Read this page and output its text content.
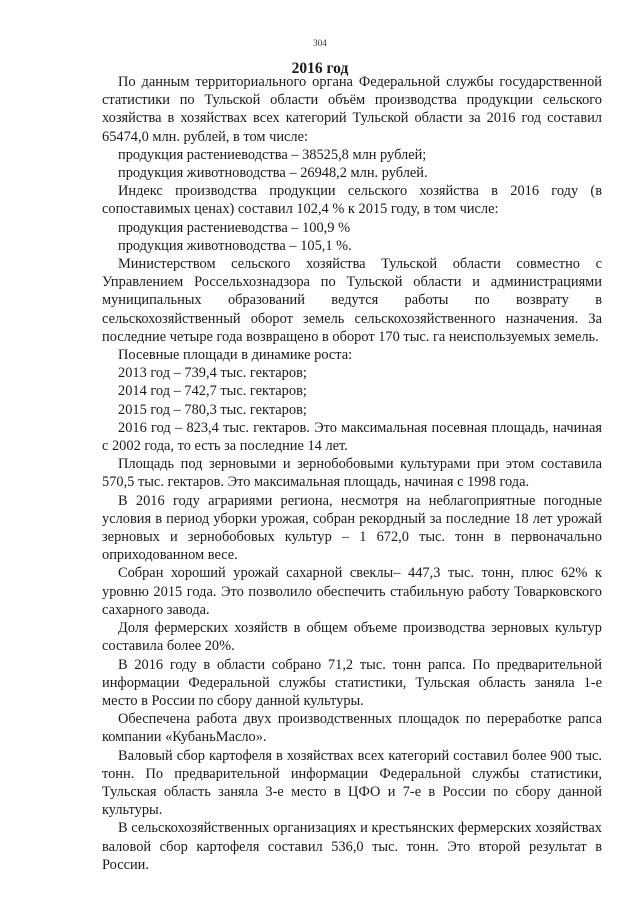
304
2016 год

По данным территориального органа Федеральной службы государственной статистики по Тульской области объём производства продукции сельского хозяйства в хозяйствах всех категорий Тульской области за 2016 год составил 65474,0 млн. рублей, в том числе:

продукция растениеводства – 38525,8 млн рублей;

продукция животноводства – 26948,2 млн. рублей.

Индекс производства продукции сельского хозяйства в 2016 году (в сопоставимых ценах) составил 102,4 % к 2015 году, в том числе:

продукция растениеводства – 100,9 %

продукция животноводства – 105,1 %.

Министерством сельского хозяйства Тульской области совместно с Управлением Россельхознадзора по Тульской области и администрациями муниципальных образований ведутся работы по возврату в сельскохозяйственный оборот земель сельскохозяйственного назначения. За последние четыре года возвращено в оборот 170 тыс. га неиспользуемых земель.

Посевные площади в динамике роста:

2013 год – 739,4 тыс. гектаров;

2014 год – 742,7 тыс. гектаров;

2015 год – 780,3 тыс. гектаров;

2016 год – 823,4 тыс. гектаров. Это максимальная посевная площадь, начиная с 2002 года, то есть за последние 14 лет.

Площадь под зерновыми и зернобобовыми культурами при этом составила 570,5 тыс. гектаров. Это максимальная площадь, начиная с 1998 года.

В 2016 году аграриями региона, несмотря на неблагоприятные погодные условия в период уборки урожая, собран рекордный за последние 18 лет урожай зерновых и зернобобовых культур – 1 672,0 тыс. тонн в первоначально оприходованном весе.

Собран хороший урожай сахарной свеклы– 447,3 тыс. тонн, плюс 62% к уровню 2015 года. Это позволило обеспечить стабильную работу Товарковского сахарного завода.

Доля фермерских хозяйств в общем объеме производства зерновых культур составила более 20%.

В 2016 году в области собрано 71,2 тыс. тонн рапса. По предварительной информации Федеральной службы статистики, Тульская область заняла 1-е место в России по сбору данной культуры.

Обеспечена работа двух производственных площадок по переработке рапса компании «КубаньМасло».

Валовый сбор картофеля в хозяйствах всех категорий составил более 900 тыс. тонн. По предварительной информации Федеральной службы статистики, Тульская область заняла 3-е место в ЦФО и 7-е в России по сбору данной культуры.

В сельскохозяйственных организациях и крестьянских фермерских хозяйствах валовой сбор картофеля составил 536,0 тыс. тонн. Это второй результат в России.
